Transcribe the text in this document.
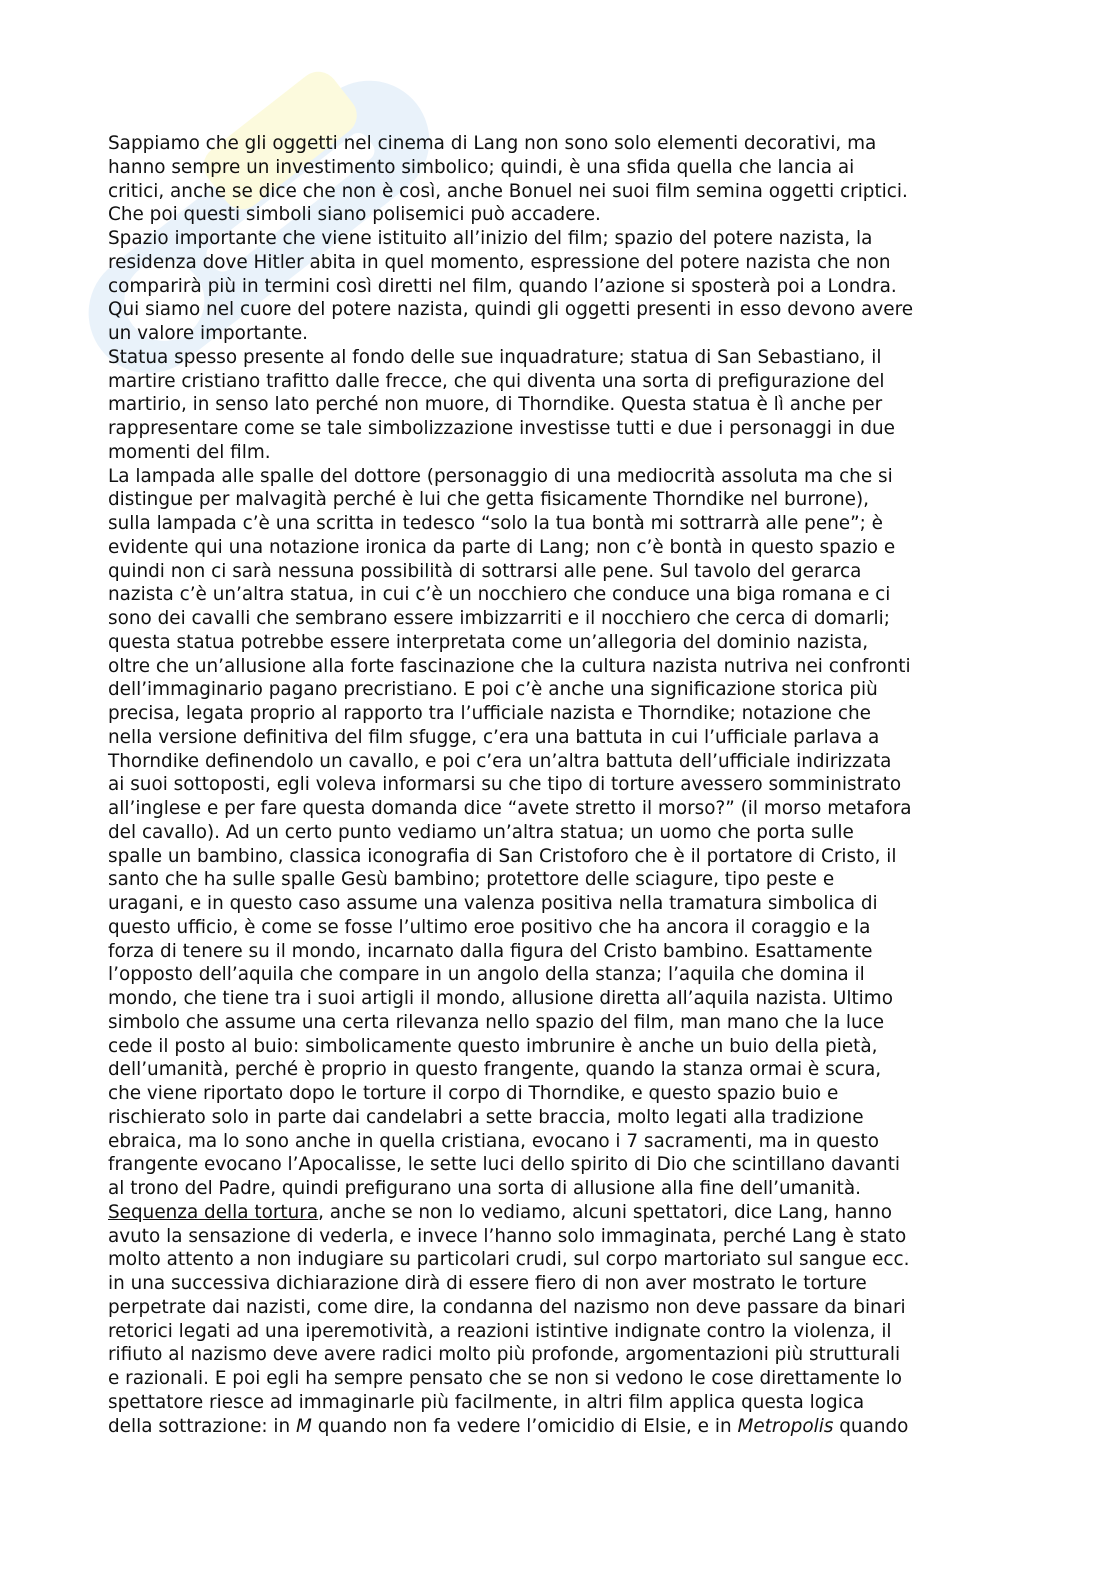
Sappiamo che gli oggetti nel cinema di Lang non sono solo elementi decorativi, ma
hanno sempre un investimento simbolico; quindi, è una sfida quella che lancia ai
critici, anche se dice che non è così, anche Bonuel nei suoi film semina oggetti criptici.
Che poi questi simboli siano polisemici può accadere.
Spazio importante che viene istituito all’inizio del film; spazio del potere nazista, la
residenza dove Hitler abita in quel momento, espressione del potere nazista che non
comparirà più in termini così diretti nel film, quando l’azione si sposterà poi a Londra.
Qui siamo nel cuore del potere nazista, quindi gli oggetti presenti in esso devono avere
un valore importante.
Statua spesso presente al fondo delle sue inquadrature; statua di San Sebastiano, il
martire cristiano trafitto dalle frecce, che qui diventa una sorta di prefigurazione del
martirio, in senso lato perché non muore, di Thorndike. Questa statua è lì anche per
rappresentare come se tale simbolizzazione investisse tutti e due i personaggi in due
momenti del film.
La lampada alle spalle del dottore (personaggio di una mediocrità assoluta ma che si
distingue per malvagità perché è lui che getta fisicamente Thorndike nel burrone),
sulla lampada c’è una scritta in tedesco “solo la tua bontà mi sottrarrà alle pene”; è
evidente qui una notazione ironica da parte di Lang; non c’è bontà in questo spazio e
quindi non ci sarà nessuna possibilità di sottrarsi alle pene. Sul tavolo del gerarca
nazista c’è un’altra statua, in cui c’è un nocchiero che conduce una biga romana e ci
sono dei cavalli che sembrano essere imbizzarriti e il nocchiero che cerca di domarli;
questa statua potrebbe essere interpretata come un’allegoria del dominio nazista,
oltre che un’allusione alla forte fascinazione che la cultura nazista nutriva nei confronti
dell’immaginario pagano precristiano. E poi c’è anche una significazione storica più
precisa, legata proprio al rapporto tra l’ufficiale nazista e Thorndike; notazione che
nella versione definitiva del film sfugge, c’era una battuta in cui l’ufficiale parlava a
Thorndike definendolo un cavallo, e poi c’era un’altra battuta dell’ufficiale indirizzata
ai suoi sottoposti, egli voleva informarsi su che tipo di torture avessero somministrato
all’inglese e per fare questa domanda dice “avete stretto il morso?” (il morso metafora
del cavallo). Ad un certo punto vediamo un’altra statua; un uomo che porta sulle
spalle un bambino, classica iconografia di San Cristoforo che è il portatore di Cristo, il
santo che ha sulle spalle Gesù bambino; protettore delle sciagure, tipo peste e
uragani, e in questo caso assume una valenza positiva nella tramatura simbolica di
questo ufficio, è come se fosse l’ultimo eroe positivo che ha ancora il coraggio e la
forza di tenere su il mondo, incarnato dalla figura del Cristo bambino. Esattamente
l’opposto dell’aquila che compare in un angolo della stanza; l’aquila che domina il
mondo, che tiene tra i suoi artigli il mondo, allusione diretta all’aquila nazista. Ultimo
simbolo che assume una certa rilevanza nello spazio del film, man mano che la luce
cede il posto al buio: simbolicamente questo imbrunire è anche un buio della pietà,
dell’umanità, perché è proprio in questo frangente, quando la stanza ormai è scura,
che viene riportato dopo le torture il corpo di Thorndike, e questo spazio buio e
rischierato solo in parte dai candelabri a sette braccia, molto legati alla tradizione
ebraica, ma lo sono anche in quella cristiana, evocano i 7 sacramenti, ma in questo
frangente evocano l’Apocalisse, le sette luci dello spirito di Dio che scintillano davanti
al trono del Padre, quindi prefigurano una sorta di allusione alla fine dell’umanità.
Sequenza della tortura, anche se non lo vediamo, alcuni spettatori, dice Lang, hanno
avuto la sensazione di vederla, e invece l’hanno solo immaginata, perché Lang è stato
molto attento a non indugiare su particolari crudi, sul corpo martoriato sul sangue ecc.
in una successiva dichiarazione dirà di essere fiero di non aver mostrato le torture
perpetrate dai nazisti, come dire, la condanna del nazismo non deve passare da binari
retorici legati ad una iperemotività, a reazioni istintive indignate contro la violenza, il
rifiuto al nazismo deve avere radici molto più profonde, argomentazioni più strutturali
e razionali. E poi egli ha sempre pensato che se non si vedono le cose direttamente lo
spettatore riesce ad immaginarle più facilmente, in altri film applica questa logica
della sottrazione: in M quando non fa vedere l’omicidio di Elsie, e in Metropolis quando
